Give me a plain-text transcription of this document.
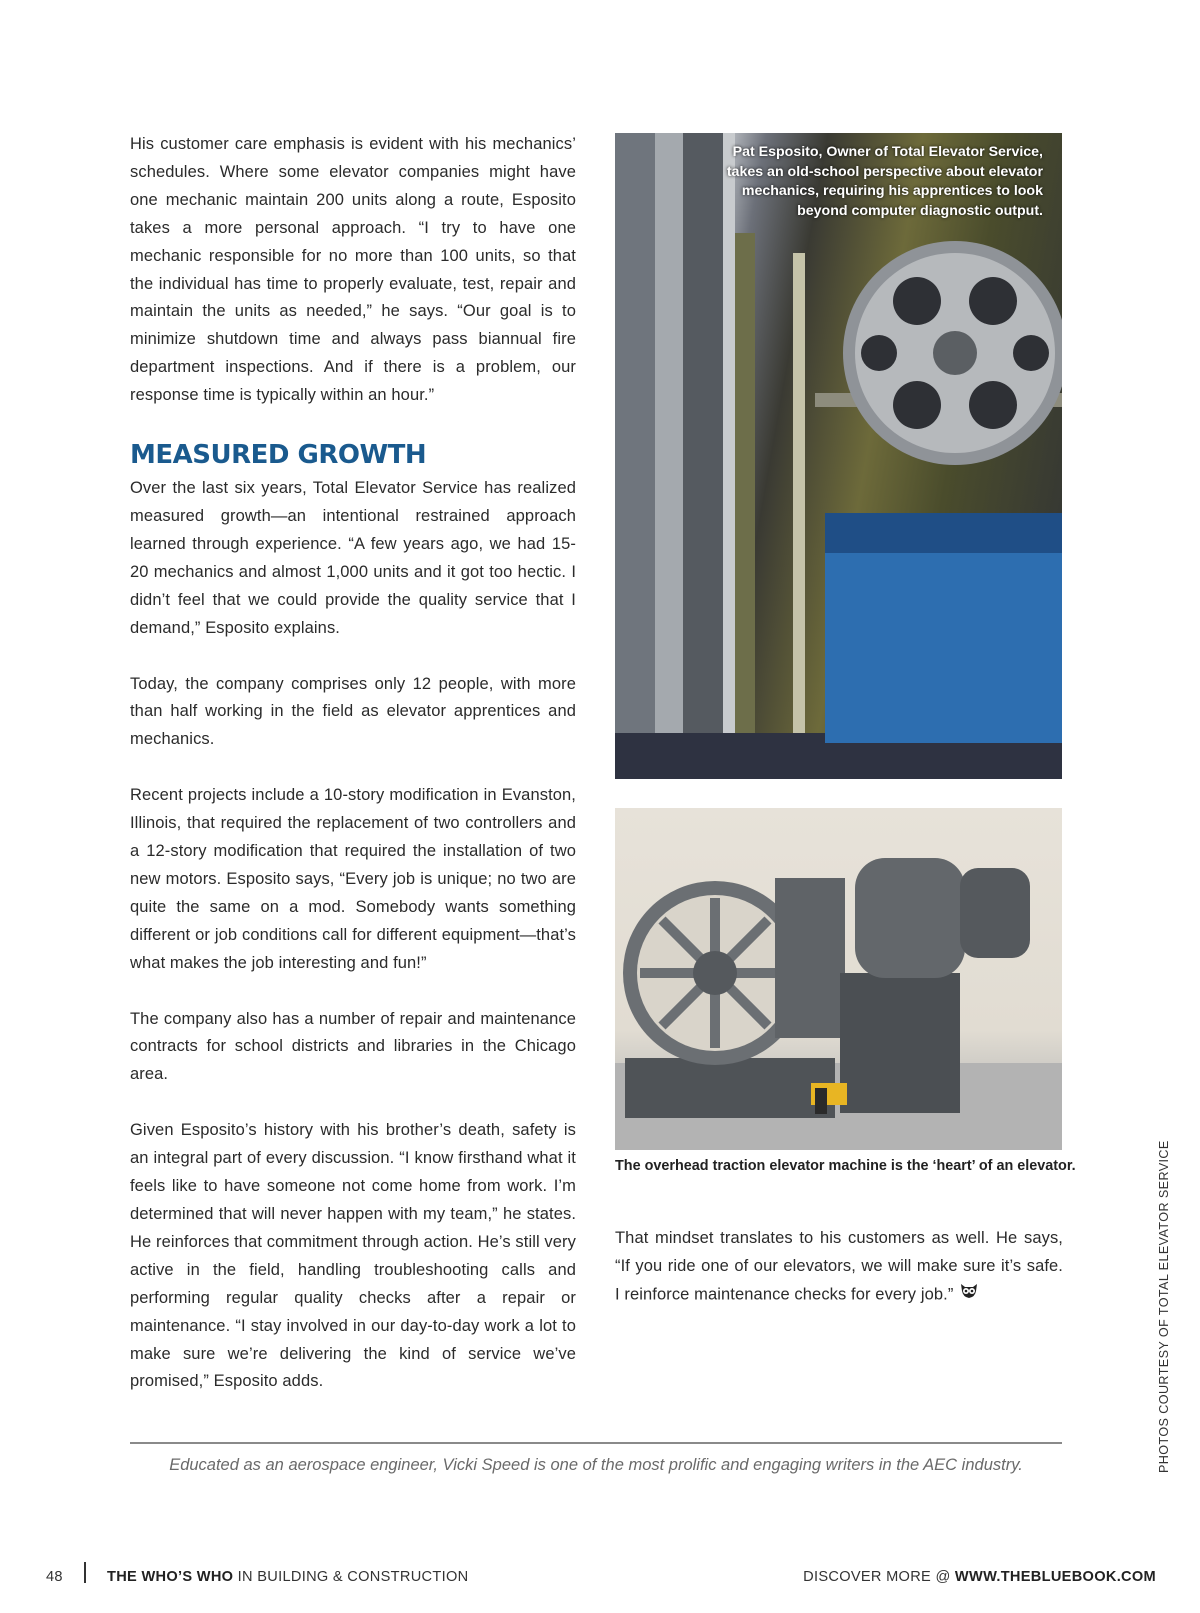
His customer care emphasis is evident with his mechanics’ schedules. Where some elevator companies might have one mechanic maintain 200 units along a route, Esposito takes a more personal approach. “I try to have one mechanic responsible for no more than 100 units, so that the individual has time to properly evaluate, test, repair and maintain the units as needed,” he says. “Our goal is to minimize shutdown time and always pass biannual fire department inspections. And if there is a problem, our response time is typically within an hour.”

MEASURED GROWTH

Over the last six years, Total Elevator Service has realized measured growth—an intentional restrained approach learned through experience. “A few years ago, we had 15-20 mechanics and almost 1,000 units and it got too hectic. I didn’t feel that we could provide the quality service that I demand,” Esposito explains.

Today, the company comprises only 12 people, with more than half working in the field as elevator apprentices and mechanics.

Recent projects include a 10-story modification in Evanston, Illinois, that required the replacement of two controllers and a 12-story modification that required the installation of two new motors. Esposito says, “Every job is unique; no two are quite the same on a mod. Somebody wants something different or job conditions call for different equipment—that’s what makes the job interesting and fun!”

The company also has a number of repair and maintenance contracts for school districts and libraries in the Chicago area.

Given Esposito’s history with his brother’s death, safety is an integral part of every discussion. “I know firsthand what it feels like to have someone not come home from work. I’m determined that will never happen with my team,” he states. He reinforces that commitment through action. He’s still very active in the field, handling troubleshooting calls and performing regular quality checks after a repair or maintenance. “I stay involved in our day-to-day work a lot to make sure we’re delivering the kind of service we’ve promised,” Esposito adds.

Pat Esposito, Owner of Total Elevator Service, takes an old-school perspective about elevator mechanics, requiring his apprentices to look beyond computer diagnostic output.
The overhead traction elevator machine is the ‘heart’ of an elevator.

That mindset translates to his customers as well. He says, “If you ride one of our elevators, we will make sure it’s safe. I reinforce maintenance checks for every job.”	PHOTOS COURTESY OF TOTAL ELEVATOR SERVICE
Educated as an aerospace engineer, Vicki Speed is one of the most prolific and engaging writers in the AEC industry.
48	THE WHO’S WHO IN BUILDING & CONSTRUCTION	DISCOVER MORE @ WWW.THEBLUEBOOK.COM
